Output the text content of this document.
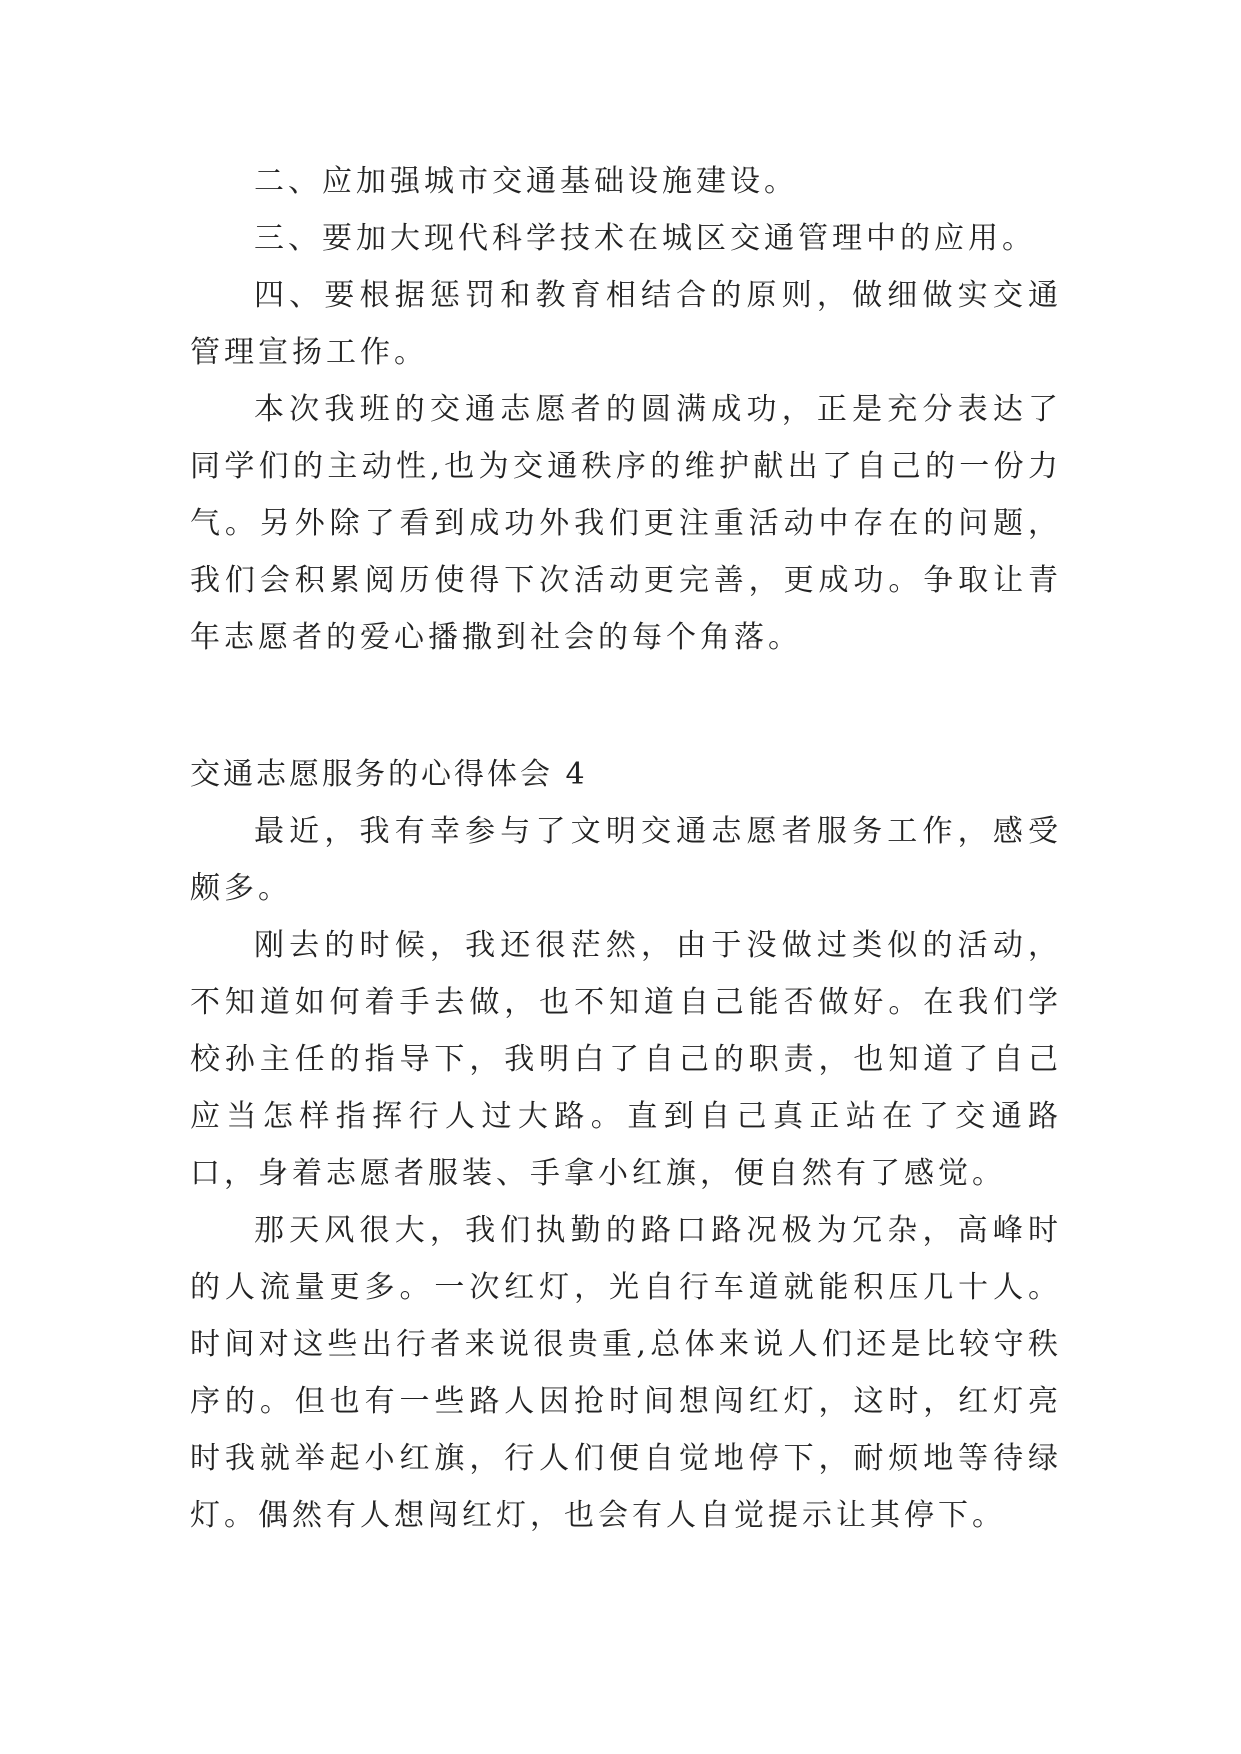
二、应加强城市交通基础设施建设。

三、要加大现代科学技术在城区交通管理中的应用。

四、要根据惩罚和教育相结合的原则，做细做实交通管理宣扬工作。

本次我班的交通志愿者的圆满成功，正是充分表达了同学们的主动性,也为交通秩序的维护献出了自己的一份力气。另外除了看到成功外我们更注重活动中存在的问题，我们会积累阅历使得下次活动更完善，更成功。争取让青年志愿者的爱心播撒到社会的每个角落。

交通志愿服务的心得体会 4

最近，我有幸参与了文明交通志愿者服务工作，感受颇多。

刚去的时候，我还很茫然，由于没做过类似的活动，不知道如何着手去做，也不知道自己能否做好。在我们学校孙主任的指导下，我明白了自己的职责，也知道了自己应当怎样指挥行人过大路。直到自己真正站在了交通路口，身着志愿者服装、手拿小红旗，便自然有了感觉。

那天风很大，我们执勤的路口路况极为冗杂，高峰时的人流量更多。一次红灯，光自行车道就能积压几十人。时间对这些出行者来说很贵重,总体来说人们还是比较守秩序的。但也有一些路人因抢时间想闯红灯，这时，红灯亮时我就举起小红旗，行人们便自觉地停下，耐烦地等待绿灯。偶然有人想闯红灯，也会有人自觉提示让其停下。
